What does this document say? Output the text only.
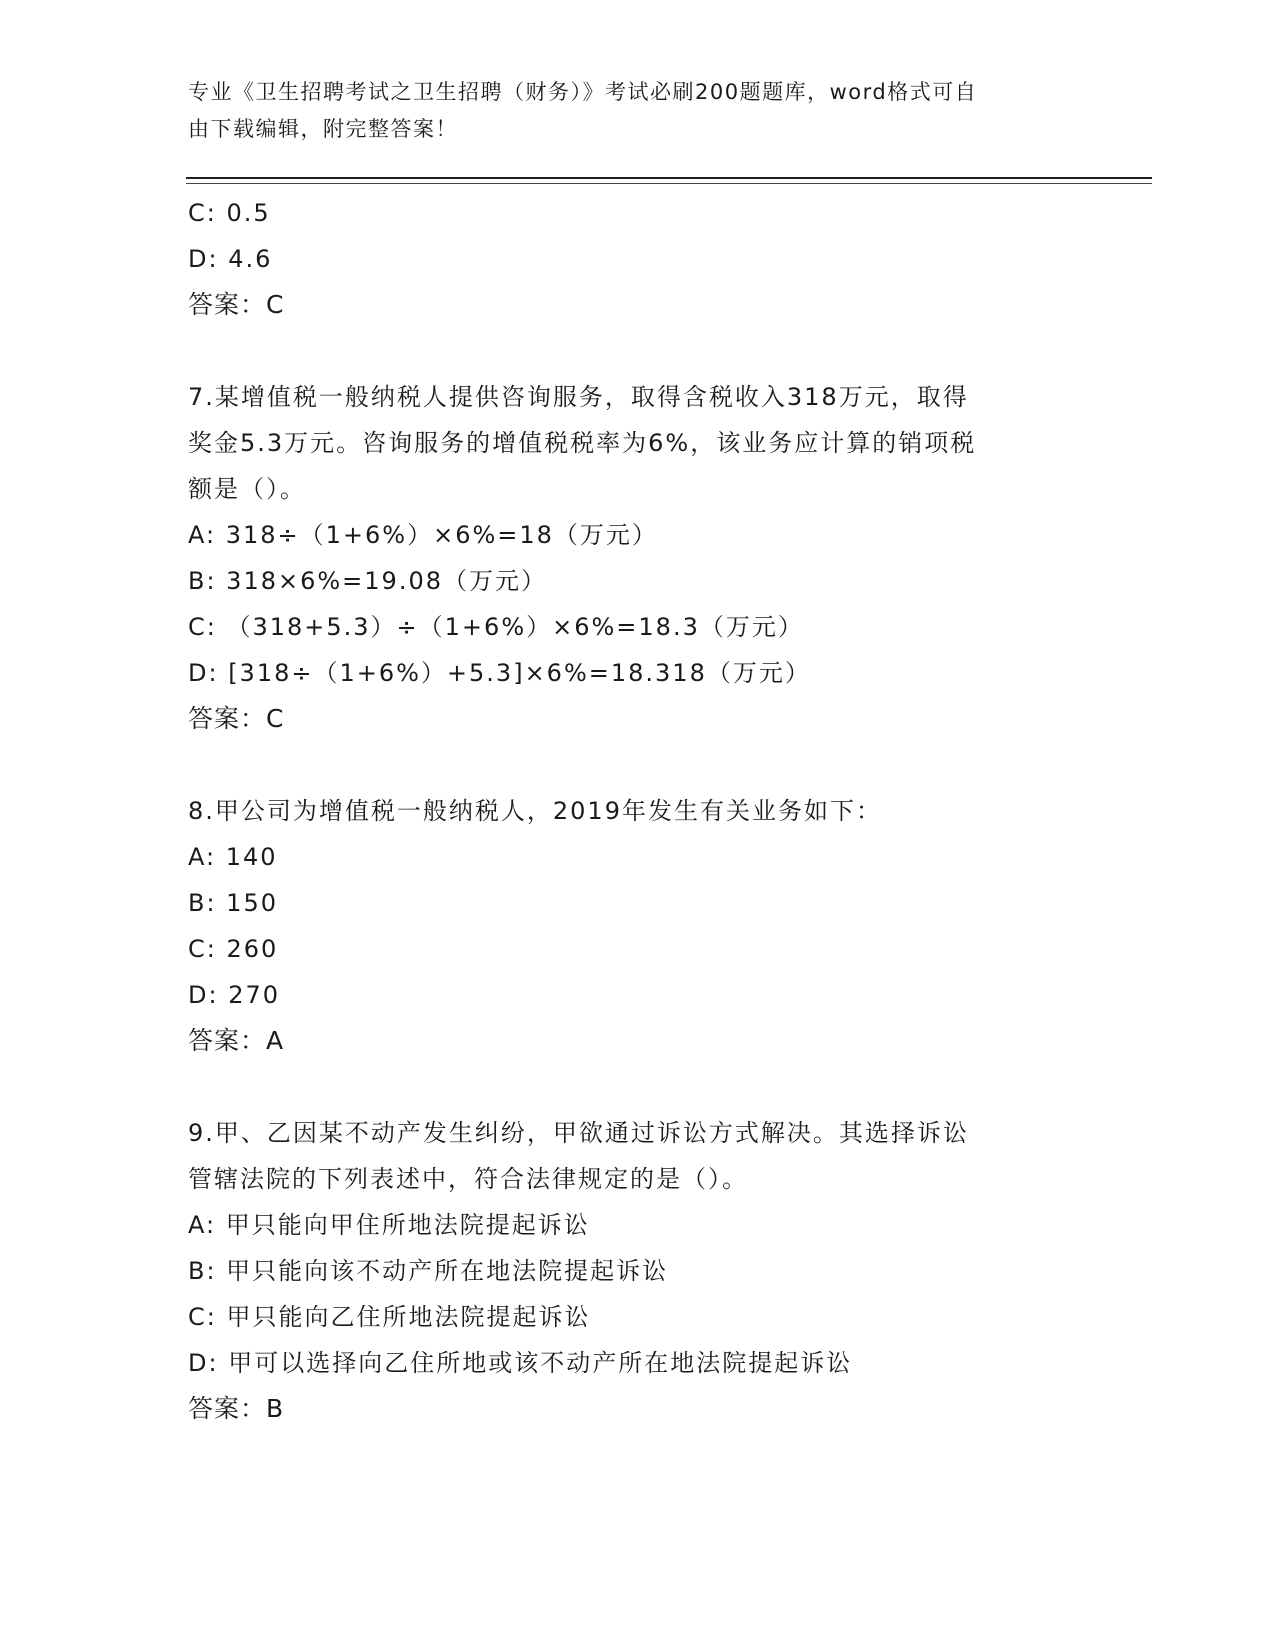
专业《卫生招聘考试之卫生招聘（财务）》考试必刷200题题库，word格式可自
由下载编辑，附完整答案！
C: 0.5
D: 4.6
答案：C
7.某增值税一般纳税人提供咨询服务，取得含税收入318万元，取得
奖金5.3万元。咨询服务的增值税税率为6%，该业务应计算的销项税
额是（）。
A: 318÷（1+6%）×6%=18（万元）
B: 318×6%=19.08（万元）
C: （318+5.3）÷（1+6%）×6%=18.3（万元）
D: [318÷（1+6%）+5.3]×6%=18.318（万元）
答案：C
8.甲公司为增值税一般纳税人，2019年发生有关业务如下：
A: 140
B: 150
C: 260
D: 270
答案：A
9.甲、乙因某不动产发生纠纷，甲欲通过诉讼方式解决。其选择诉讼
管辖法院的下列表述中，符合法律规定的是（）。
A: 甲只能向甲住所地法院提起诉讼
B: 甲只能向该不动产所在地法院提起诉讼
C: 甲只能向乙住所地法院提起诉讼
D: 甲可以选择向乙住所地或该不动产所在地法院提起诉讼
答案：B
